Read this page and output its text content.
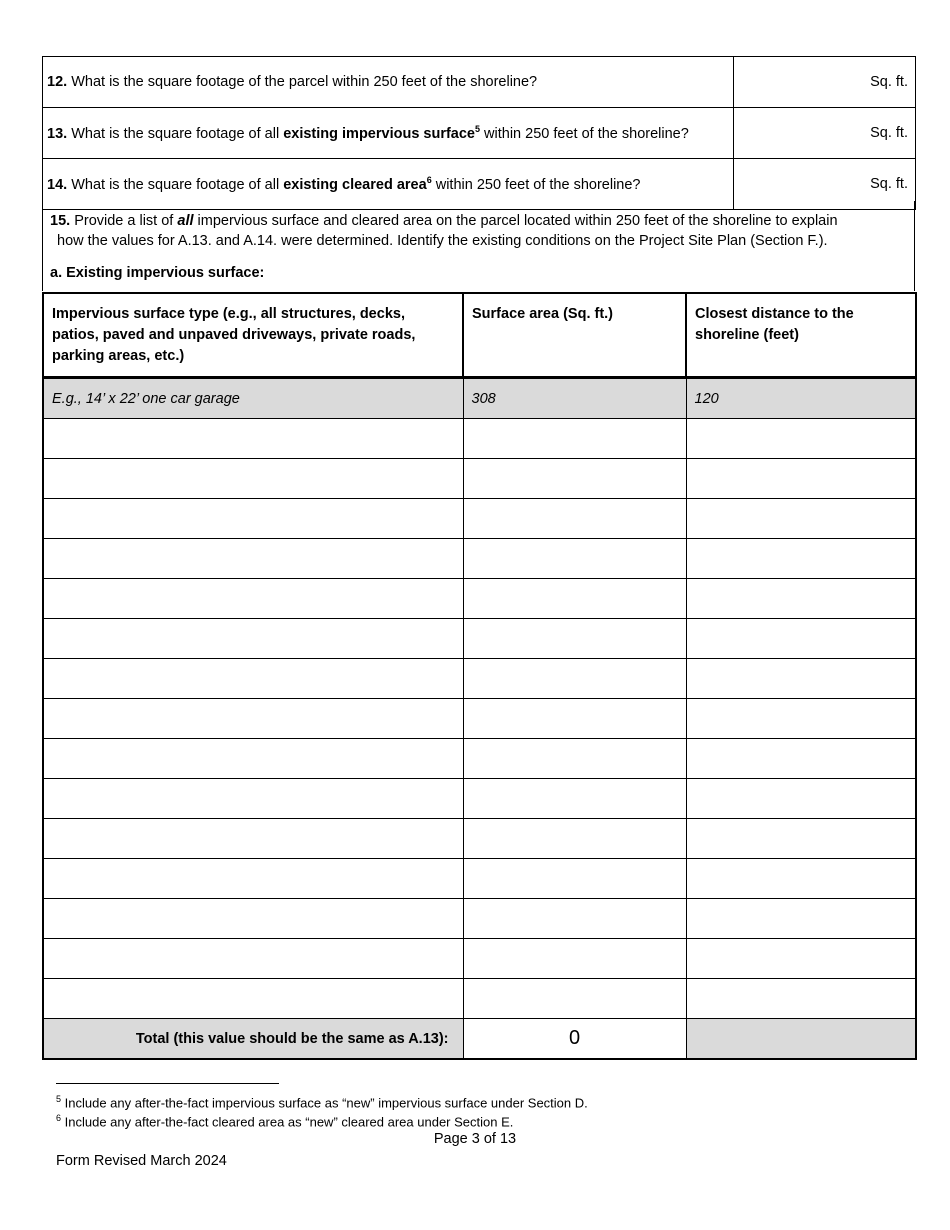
12. What is the square footage of the parcel within 250 feet of the shoreline?	Sq. ft.
13. What is the square footage of all existing impervious surface$^5$ within 250 feet of the shoreline?	Sq. ft.
14. What is the square footage of all existing cleared area$^6$ within 250 feet of the shoreline?	Sq. ft.

15. Provide a list of all impervious surface and cleared area on the parcel located within 250 feet of the shoreline to explain
how the values for A.13. and A.14. were determined. Identify the existing conditions on the Project Site Plan (Section F.).

a. Existing impervious surface:

Impervious surface type (e.g., all structures, decks, patios, paved and unpaved driveways, private roads, parking areas, etc.)	Surface area (Sq. ft.)	Closest distance to the shoreline (feet)
E.g., 14’ x 22’ one car garage	308	120

Total (this value should be the same as A.13):	0	
$^5$ Include any after-the-fact impervious surface as “new” impervious surface under Section D.
$^6$ Include any after-the-fact cleared area as “new” cleared area under Section E.
Page 3 of 13
Form Revised March 2024
